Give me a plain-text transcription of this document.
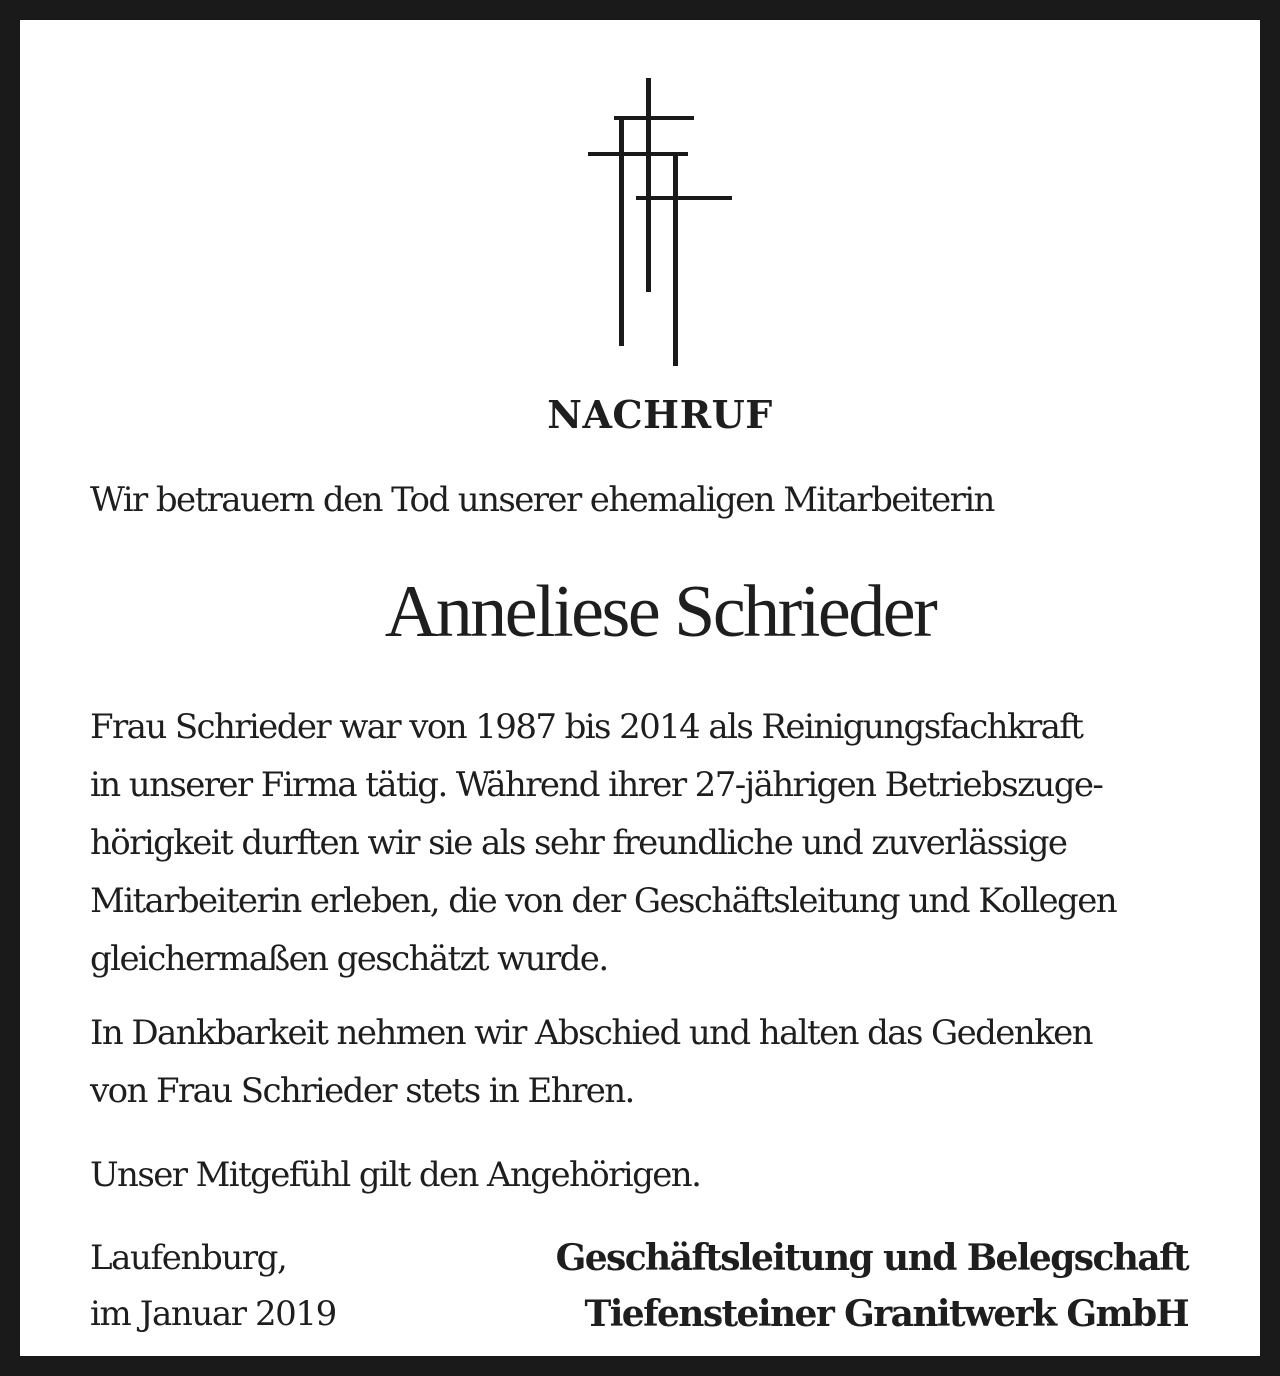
NACHRUF

Wir betrauern den Tod unserer ehemaligen Mitarbeiterin

Anneliese Schrieder
Frau Schrieder war von 1987 bis 2014 als Reinigungsfachkraft
in unserer Firma tätig. Während ihrer 27-jährigen Betriebszuge-
hörigkeit durften wir sie als sehr freundliche und zuverlässige
Mitarbeiterin erleben, die von der Geschäftsleitung und Kollegen
gleichermaßen geschätzt wurde.
In Dankbarkeit nehmen wir Abschied und halten das Gedenken
von Frau Schrieder stets in Ehren.
Unser Mitgefühl gilt den Angehörigen.
Laufenburg,
im Januar 2019
Geschäftsleitung und Belegschaft
Tiefensteiner Granitwerk GmbH
